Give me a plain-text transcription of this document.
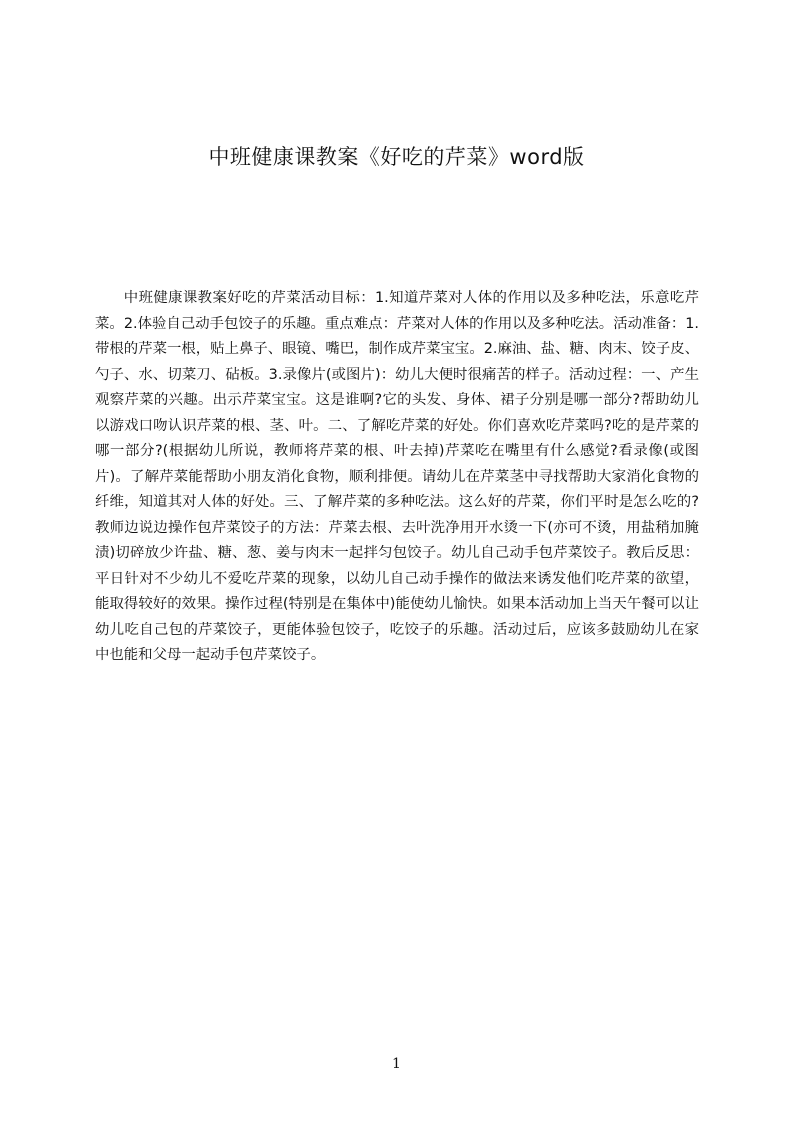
中班健康课教案《好吃的芹菜》word版

中班健康课教案好吃的芹菜活动目标：1.知道芹菜对人体的作用以及多种吃法，乐意吃芹菜。2.体验自己动手包饺子的乐趣。重点难点：芹菜对人体的作用以及多种吃法。活动准备：1.带根的芹菜一根，贴上鼻子、眼镜、嘴巴，制作成芹菜宝宝。2.麻油、盐、糖、肉末、饺子皮、勺子、水、切菜刀、砧板。3.录像片(或图片)：幼儿大便时很痛苦的样子。活动过程：一、产生观察芹菜的兴趣。出示芹菜宝宝。这是谁啊?它的头发、身体、裙子分别是哪一部分?帮助幼儿以游戏口吻认识芹菜的根、茎、叶。二、了解吃芹菜的好处。你们喜欢吃芹菜吗?吃的是芹菜的哪一部分?(根据幼儿所说，教师将芹菜的根、叶去掉)芹菜吃在嘴里有什么感觉?看录像(或图片)。了解芹菜能帮助小朋友消化食物，顺利排便。请幼儿在芹菜茎中寻找帮助大家消化食物的纤维，知道其对人体的好处。三、了解芹菜的多种吃法。这么好的芹菜，你们平时是怎么吃的?教师边说边操作包芹菜饺子的方法：芹菜去根、去叶洗净用开水烫一下(亦可不烫，用盐稍加腌渍)切碎放少许盐、糖、葱、姜与肉末一起拌匀包饺子。幼儿自己动手包芹菜饺子。教后反思：平日针对不少幼儿不爱吃芹菜的现象，以幼儿自己动手操作的做法来诱发他们吃芹菜的欲望，能取得较好的效果。操作过程(特别是在集体中)能使幼儿愉快。如果本活动加上当天午餐可以让幼儿吃自己包的芹菜饺子，更能体验包饺子，吃饺子的乐趣。活动过后，应该多鼓励幼儿在家中也能和父母一起动手包芹菜饺子。

1
